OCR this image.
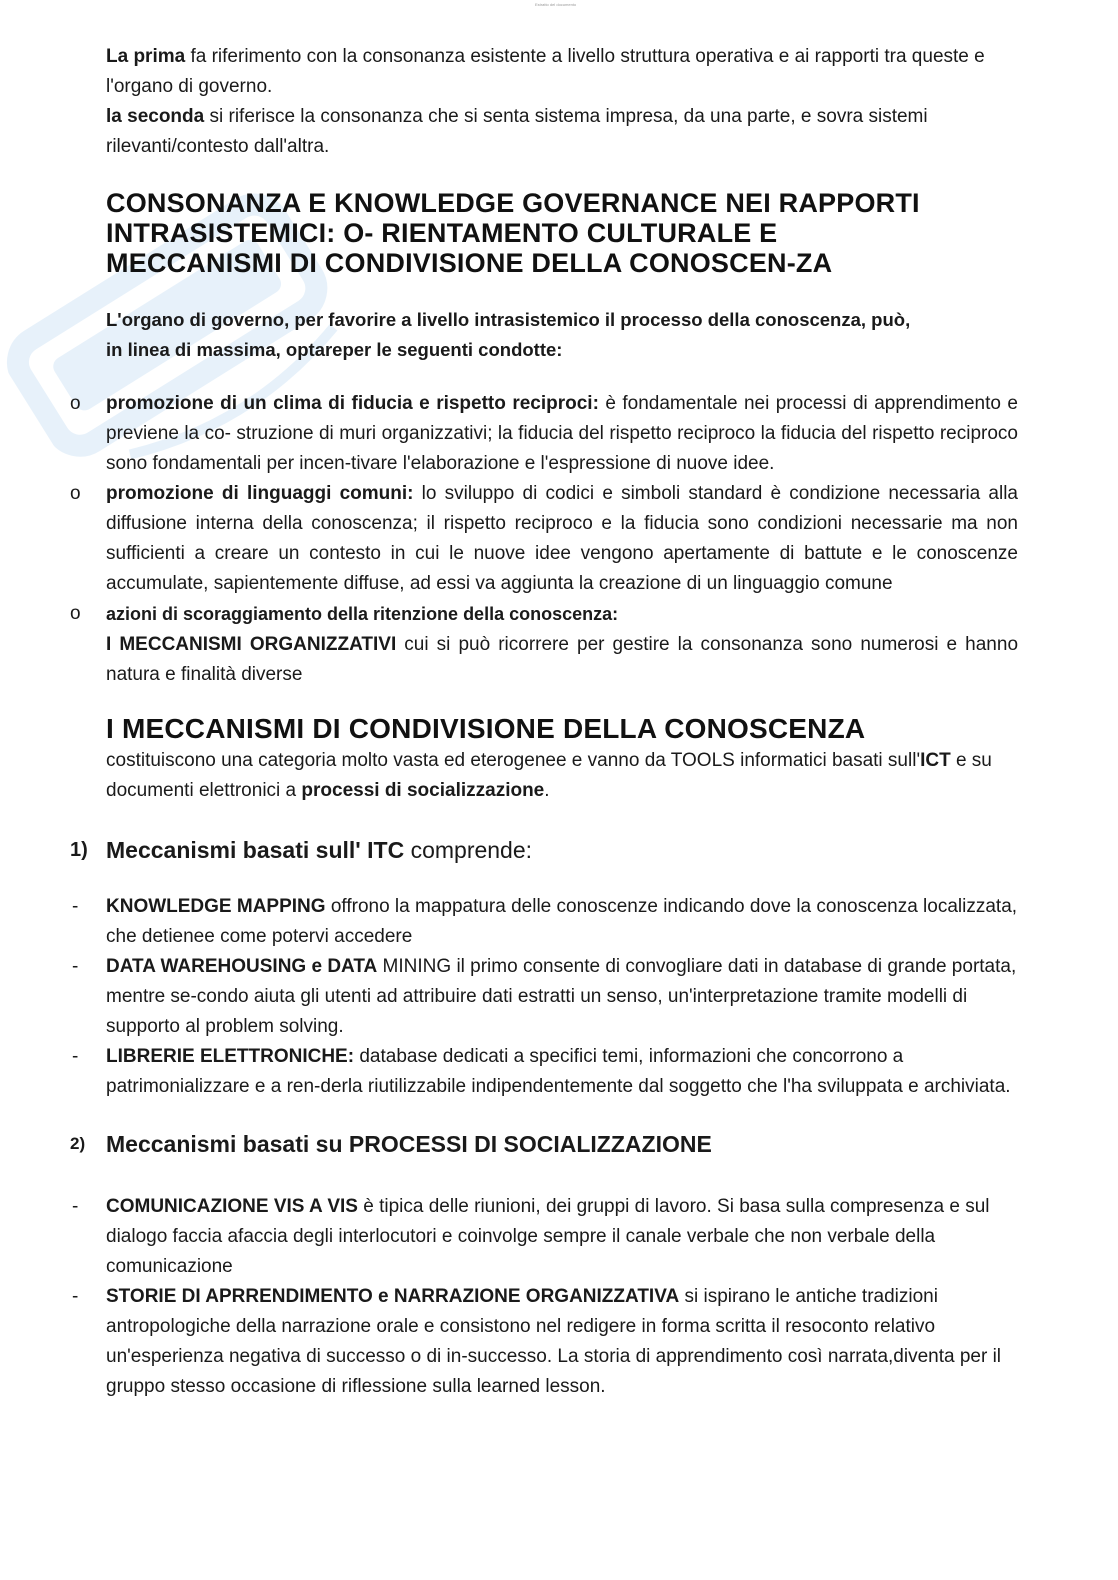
Estratto del documento

La prima fa riferimento con la consonanza esistente a livello struttura operativa e ai rapporti tra queste e l'organo di governo.

la seconda si riferisce la consonanza che si senta sistema impresa, da una parte, e sovra sistemi rilevanti/contesto dall'altra.

CONSONANZA E KNOWLEDGE GOVERNANCE NEI RAPPORTI
INTRASISTEMICI: O- RIENTAMENTO CULTURALE E
MECCANISMI DI CONDIVISIONE DELLA CONOSCEN-ZA
L'organo di governo, per favorire a livello intrasistemico il processo della conoscenza, può,
in linea di massima, optareper le seguenti condotte:
o	promozione di un clima di fiducia e rispetto reciproci: è fondamentale nei processi di apprendimento e previene la co- struzione di muri organizzativi; la fiducia del rispetto reciproco la fiducia del rispetto reciproco sono fondamentali per incen-tivare l'elaborazione e l'espressione di nuove idee.
o	promozione di linguaggi comuni: lo sviluppo di codici e simboli standard è condizione necessaria alla diffusione interna della conoscenza; il rispetto reciproco e la fiducia sono condizioni necessarie ma non sufficienti a creare un contesto in cui le nuove idee vengono apertamente di battute e le conoscenze accumulate, sapientemente diffuse, ad essi va aggiunta la creazione di un linguaggio comune
o	azioni di scoraggiamento della ritenzione della conoscenza:
I MECCANISMI ORGANIZZATIVI cui si può ricorrere per gestire la consonanza sono numerosi e hanno natura e finalità diverse
I MECCANISMI DI CONDIVISIONE DELLA CONOSCENZA

costituiscono una categoria molto vasta ed eterogenee e vanno da TOOLS informatici basati sull'ICT e su documenti elettronici a processi di socializzazione.

1) Meccanismi basati sull' ITC comprende:
- KNOWLEDGE MAPPING offrono la mappatura delle conoscenze indicando dove la conoscenza localizzata, che detienee come potervi accedere
- DATA WAREHOUSING e DATA MINING il primo consente di convogliare dati in database di grande portata, mentre se-condo aiuta gli utenti ad attribuire dati estratti un senso, un'interpretazione tramite modelli di supporto al problem solving.
- LIBRERIE ELETTRONICHE: database dedicati a specifici temi, informazioni che concorrono a patrimonializzare e a ren-derla riutilizzabile indipendentemente dal soggetto che l'ha sviluppata e archiviata.
2) Meccanismi basati su PROCESSI DI SOCIALIZZAZIONE
- COMUNICAZIONE VIS A VIS è tipica delle riunioni, dei gruppi di lavoro. Si basa sulla compresenza e sul dialogo faccia afaccia degli interlocutori e coinvolge sempre il canale verbale che non verbale della comunicazione
- STORIE DI APRRENDIMENTO e NARRAZIONE ORGANIZZATIVA si ispirano le antiche tradizioni antropologiche della narrazione orale e consistono nel redigere in forma scritta il resoconto relativo un'esperienza negativa di successo o di in-successo. La storia di apprendimento così narrata,diventa per il gruppo stesso occasione di riflessione sulla learned lesson.
